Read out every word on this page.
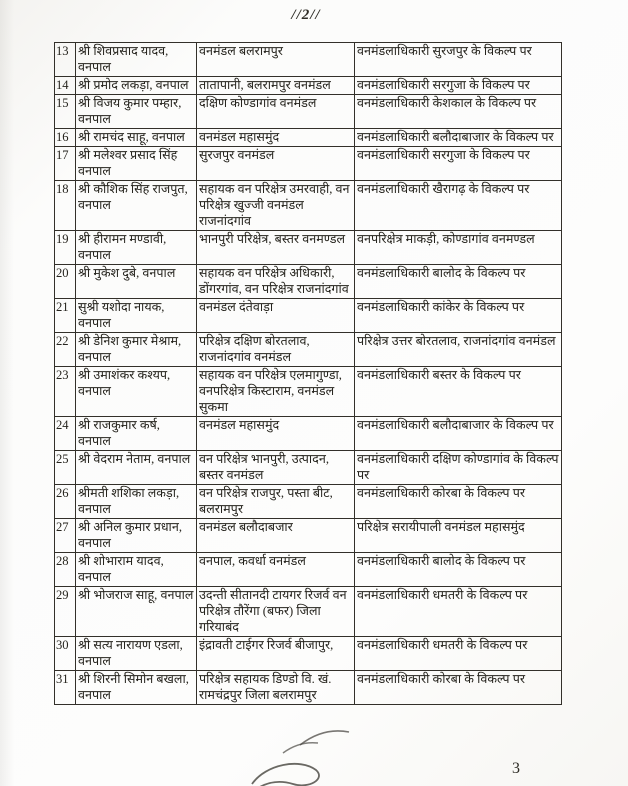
//2//
13	श्री शिवप्रसाद यादव, वनपाल	वनमंडल बलरामपुर	वनमंडलाधिकारी सुरजपुर के विकल्प पर
14	श्री प्रमोद लकड़ा, वनपाल	तातापानी, बलरामपुर वनमंडल	वनमंडलाधिकारी सरगुजा के विकल्प पर
15	श्री विजय कुमार पम्हार, वनपाल	दक्षिण कोण्डागांव वनमंडल	वनमंडलाधिकारी केशकाल के विकल्प पर
16	श्री रामचंद साहू, वनपाल	वनमंडल महासमुंद	वनमंडलाधिकारी बलौदाबाजार के विकल्प पर
17	श्री मलेश्वर प्रसाद सिंह वनपाल	सुरजपुर वनमंडल	वनमंडलाधिकारी सरगुजा के विकल्प पर
18	श्री कौशिक सिंह राजपुत, वनपाल	सहायक वन परिक्षेत्र उमरवाही, वन परिक्षेत्र खुज्जी वनमंडल राजनांदगांव	वनमंडलाधिकारी खैरागढ़ के विकल्प पर
19	श्री हीरामन मण्डावी, वनपाल	भानपुरी परिक्षेत्र, बस्तर वनमण्डल	वनपरिक्षेत्र माकड़ी, कोण्डागांव वनमण्डल
20	श्री मुकेश दुबे, वनपाल	सहायक वन परिक्षेत्र अधिकारी, डोंगरगांव, वन परिक्षेत्र राजनांदगांव	वनमंडलाधिकारी बालोद के विकल्प पर
21	सुश्री यशोदा नायक, वनपाल	वनमंडल दंतेवाड़ा	वनमंडलाधिकारी कांकेर के विकल्प पर
22	श्री डेनिश कुमार मेश्राम, वनपाल	परिक्षेत्र दक्षिण बोरतलाव, राजनांदगांव वनमंडल	परिक्षेत्र उत्तर बोरतलाव, राजनांदगांव वनमंडल
23	श्री उमाशंकर कश्यप, वनपाल	सहायक वन परिक्षेत्र एलमागुण्डा, वनपरिक्षेत्र किस्टाराम, वनमंडल सुकमा	वनमंडलाधिकारी बस्तर के विकल्प पर
24	श्री राजकुमार कर्ष, वनपाल	वनमंडल महासमुंद	वनमंडलाधिकारी बलौदाबाजार के विकल्प पर
25	श्री वेदराम नेताम, वनपाल	वन परिक्षेत्र भानपुरी, उत्पादन, बस्तर वनमंडल	वनमंडलाधिकारी दक्षिण कोण्डागांव के विकल्प पर
26	श्रीमती शशिका लकड़ा, वनपाल	वन परिक्षेत्र राजपुर, पस्ता बीट, बलरामपुर	वनमंडलाधिकारी कोरबा के विकल्प पर
27	श्री अनिल कुमार प्रधान, वनपाल	वनमंडल बलौदाबजार	परिक्षेत्र सरायीपाली वनमंडल महासमुंद
28	श्री शोभाराम यादव, वनपाल	वनपाल, कवर्धा वनमंडल	वनमंडलाधिकारी बालोद के विकल्प पर
29	श्री भोजराज साहू, वनपाल	उदन्ती सीतानदी टायगर रिजर्व वन परिक्षेत्र तौरेंगा (बफर) जिला गरियाबंद	वनमंडलाधिकारी धमतरी के विकल्प पर
30	श्री सत्य नारायण एडला, वनपाल	इंद्रावती टाईगर रिजर्व बीजापुर,	वनमंडलाधिकारी धमतरी के विकल्प पर
31	श्री शिरनी सिमोन बखला, वनपाल	परिक्षेत्र सहायक डिण्डो वि. खं. रामचंद्रपुर जिला बलरामपुर	वनमंडलाधिकारी कोरबा के विकल्प पर
3
